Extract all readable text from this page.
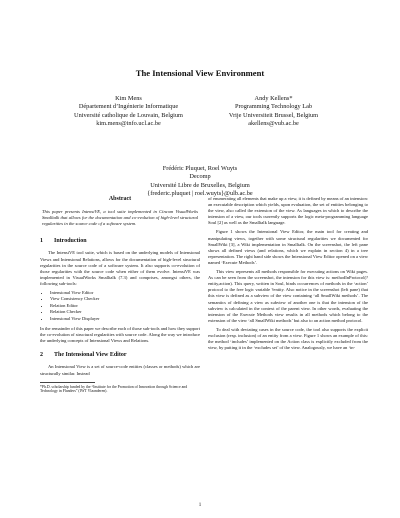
The Intensional View Environment
Kim Mens
Département d’Ingénierie Informatique
Université catholique de Louvain, Belgium
kim.mens@info.ucl.ac.be
Andy Kellens*
Programming Technology Lab
Vrije Universiteit Brussel, Belgium
akellens@vub.ac.be
Frédéric Pluquet, Roel Wuyts
Decomp
Université Libre de Bruxelles, Belgium
{frederic.pluquet | roel.wuyts}@ulb.ac.be
Abstract

This paper presents IntensiVE, a tool suite implemented in Cincom VisualWorks Smalltalk that allows for the documentation and co-evolution of high-level structural regularities in the source code of a software system.

1 Introduction

The IntensiVE tool suite, which is based on the underlying models of Intensional Views and Intensional Relations, allows for the documentation of high-level structural regularities in the source code of a software system. It also supports co-evolution of those regularities with the source code when either of them evolve. IntensiVE was implemented in VisualWorks Smalltalk (7.3) and comprises, amongst others, the following sub-tools:

• Intensional View Editor
• View Consistency Checker
• Relation Editor
• Relation Checker
• Intensional View Displayer

In the remainder of this paper we describe each of those sub-tools and how they support the co-evolution of structural regularities with source code. Along the way we introduce the underlying concepts of Intensional Views and Relations.

2 The Intensional View Editor

An Intensional View is a set of source-code entities (classes or methods) which are structurally similar. Instead

*Ph.D. scholarship funded by the “Institute for the Promotion of Innovation through Science and Technology in Flanders” (IWT Vlaanderen).

of enumerating all elements that make up a view, it is defined by means of an intension: an executable description which yields, upon evaluation, the set of entities belonging to the view, also called the extension of the view. As languages in which to describe the intension of a view, our tools currently supports the logic meta-programming language Soul [2] as well as the Smalltalk language.

Figure 1 shows the Intensional View Editor, the main tool for creating and manipulating views, together with some structural regularities we documented for SmallWiki [3], a Wiki implementation in Smalltalk. On the screenshot, the left pane shows all defined views (and relations, which we explain in section 4) in a tree representation. The right hand side shows the Intensional View Editor opened on a view named ‘Execute Methods’.

This view represents all methods responsible for executing actions on Wiki pages. As can be seen from the screenshot, the intension for this view is: methodInProtocol(?entity,action). This query, written in Soul, binds occurrences of methods in the ‘action’ protocol to the free logic variable ?entity. Also notice in the screenshot (left pane) that this view is defined as a subview of the view containing ‘all SmallWiki methods’. The semantics of defining a view as subview of another one is that the intension of the subview is calculated in the context of the parent view. In other words, evaluating the intension of the Execute Methods view results in all methods which belong to the extension of the view ‘all SmallWiki methods’ but also to an action method protocol.

To deal with deviating cases in the source code, the tool also supports the explicit exclusion (resp. inclusion) of an entity from a view. Figure 1 shows an example of this: the method ‘includes’ implemented on the Action class is explicitly excluded from the view, by putting it in the ‘excludes set’ of the view. Analogously, we have an ‘in-

1
